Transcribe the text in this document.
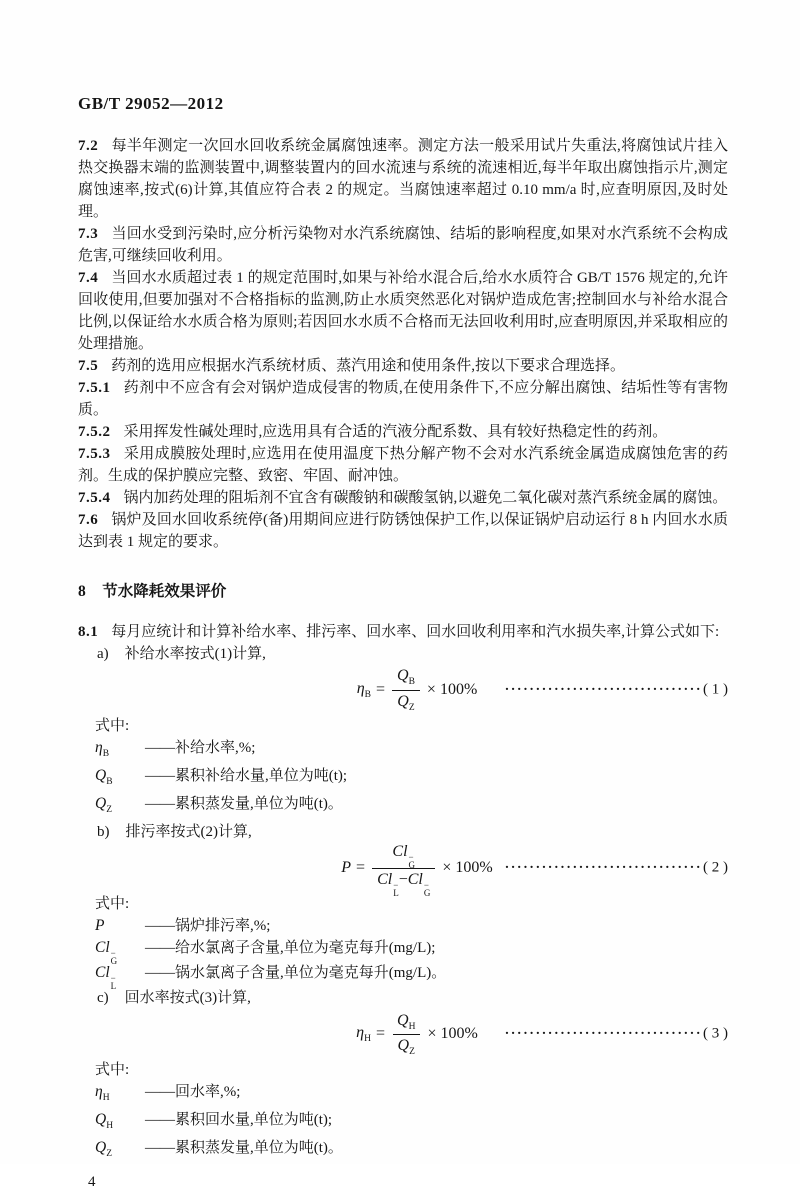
GB/T 29052—2012

7.2 每半年测定一次回水回收系统金属腐蚀速率。测定方法一般采用试片失重法,将腐蚀试片挂入热交换器末端的监测装置中,调整装置内的回水流速与系统的流速相近,每半年取出腐蚀指示片,测定腐蚀速率,按式(6)计算,其值应符合表 2 的规定。当腐蚀速率超过 0.10 mm/a 时,应查明原因,及时处理。

7.3 当回水受到污染时,应分析污染物对水汽系统腐蚀、结垢的影响程度,如果对水汽系统不会构成危害,可继续回收利用。

7.4 当回水水质超过表 1 的规定范围时,如果与补给水混合后,给水水质符合 GB/T 1576 规定的,允许回收使用,但要加强对不合格指标的监测,防止水质突然恶化对锅炉造成危害;控制回水与补给水混合比例,以保证给水水质合格为原则;若因回水水质不合格而无法回收利用时,应查明原因,并采取相应的处理措施。

7.5 药剂的选用应根据水汽系统材质、蒸汽用途和使用条件,按以下要求合理选择。

7.5.1 药剂中不应含有会对锅炉造成侵害的物质,在使用条件下,不应分解出腐蚀、结垢性等有害物质。

7.5.2 采用挥发性碱处理时,应选用具有合适的汽液分配系数、具有较好热稳定性的药剂。

7.5.3 采用成膜胺处理时,应选用在使用温度下热分解产物不会对水汽系统金属造成腐蚀危害的药剂。生成的保护膜应完整、致密、牢固、耐冲蚀。

7.5.4 锅内加药处理的阻垢剂不宜含有碳酸钠和碳酸氢钠,以避免二氧化碳对蒸汽系统金属的腐蚀。

7.6 锅炉及回水回收系统停(备)用期间应进行防锈蚀保护工作,以保证锅炉启动运行 8 h 内回水水质达到表 1 规定的要求。

8 节水降耗效果评价

8.1 每月应统计和计算补给水率、排污率、回水率、回水回收利用率和汽水损失率,计算公式如下:

a) 补给水率按式(1)计算,
$\eta_B = \frac{Q_B}{Q_Z} \times 100\%$ ································ ( 1 )
式中:
$\eta_B$	——补给水率,%;
$Q_B$	——累积补给水量,单位为吨(t);
$Q_Z$	——累积蒸发量,单位为吨(t)。
b) 排污率按式(2)计算,
P = Cl −
G
Cl −
L
−Cl −
G × 100% ································ ( 2 )
式中:
P	——锅炉排污率,%;
Cl −
G
——给水氯离子含量,单位为毫克每升(mg/L);
Cl −
L
——锅水氯离子含量,单位为毫克每升(mg/L)。
c) 回水率按式(3)计算,
$\eta_H = \frac{Q_H}{Q_Z} \times 100\%$ ································ ( 3 )
式中:
$\eta_H$	——回水率,%;
$Q_H$	——累积回水量,单位为吨(t);
$Q_Z$	——累积蒸发量,单位为吨(t)。
4
